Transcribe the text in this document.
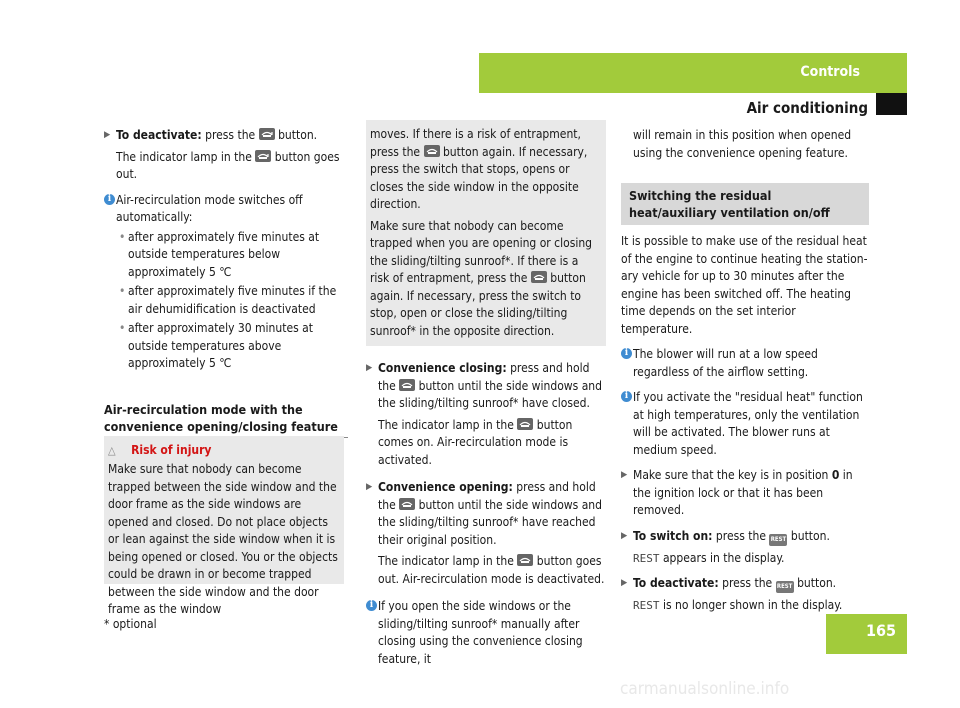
Controls
Air conditioning
▶ To deactivate: press the button.

The indicator lamp in the button goes out.

i Air-recirculation mode switches off automatically:
• after approximately five minutes at outside temperatures below approximately 5 ℃
• after approximately five minutes if the air dehumidification is deactivated
• after approximately 30 minutes at outside temperatures above approximately 5 ℃
Air-recirculation mode with the convenience opening/closing feature
△ Risk of injury

Make sure that nobody can become trapped between the side window and the door frame as the side windows are opened and closed. Do not place objects or lean against the side window when it is being opened or closed. You or the objects could be drawn in or become trapped between the side window and the door frame as the window

moves. If there is a risk of entrapment, press the button again. If necessary, press the switch that stops, opens or closes the side window in the opposite direction.

Make sure that nobody can become trapped when you are opening or closing the sliding/tilting sunroof*. If there is a risk of entrapment, press the button again. If necessary, press the switch to stop, open or close the sliding/tilting sunroof* in the opposite direction.

▶ Convenience closing: press and hold the button until the side windows and the sliding/tilting sunroof* have closed.

The indicator lamp in the button comes on. Air-recirculation mode is activated.

▶ Convenience opening: press and hold the button until the side windows and the sliding/tilting sunroof* have reached their original position.

The indicator lamp in the button goes out. Air-recirculation mode is deactivated.

i If you open the side windows or the sliding/tilting sunroof* manually after closing using the convenience closing feature, it

will remain in this position when opened using the convenience opening feature.

Switching the residual heat/auxiliary ventilation on/off

It is possible to make use of the residual heat of the engine to continue heating the station-ary vehicle for up to 30 minutes after the engine has been switched off. The heating time depends on the set interior temperature.

i The blower will run at a low speed regardless of the airflow setting.
i If you activate the "residual heat" function at high temperatures, only the ventilation will be activated. The blower runs at medium speed.
▶ Make sure that the key is in position 0 in the ignition lock or that it has been removed.
▶ To switch on: press the REST button.

REST appears in the display.

▶ To deactivate: press the REST button.

REST is no longer shown in the display.

* optional	165
carmanualsonline.info
